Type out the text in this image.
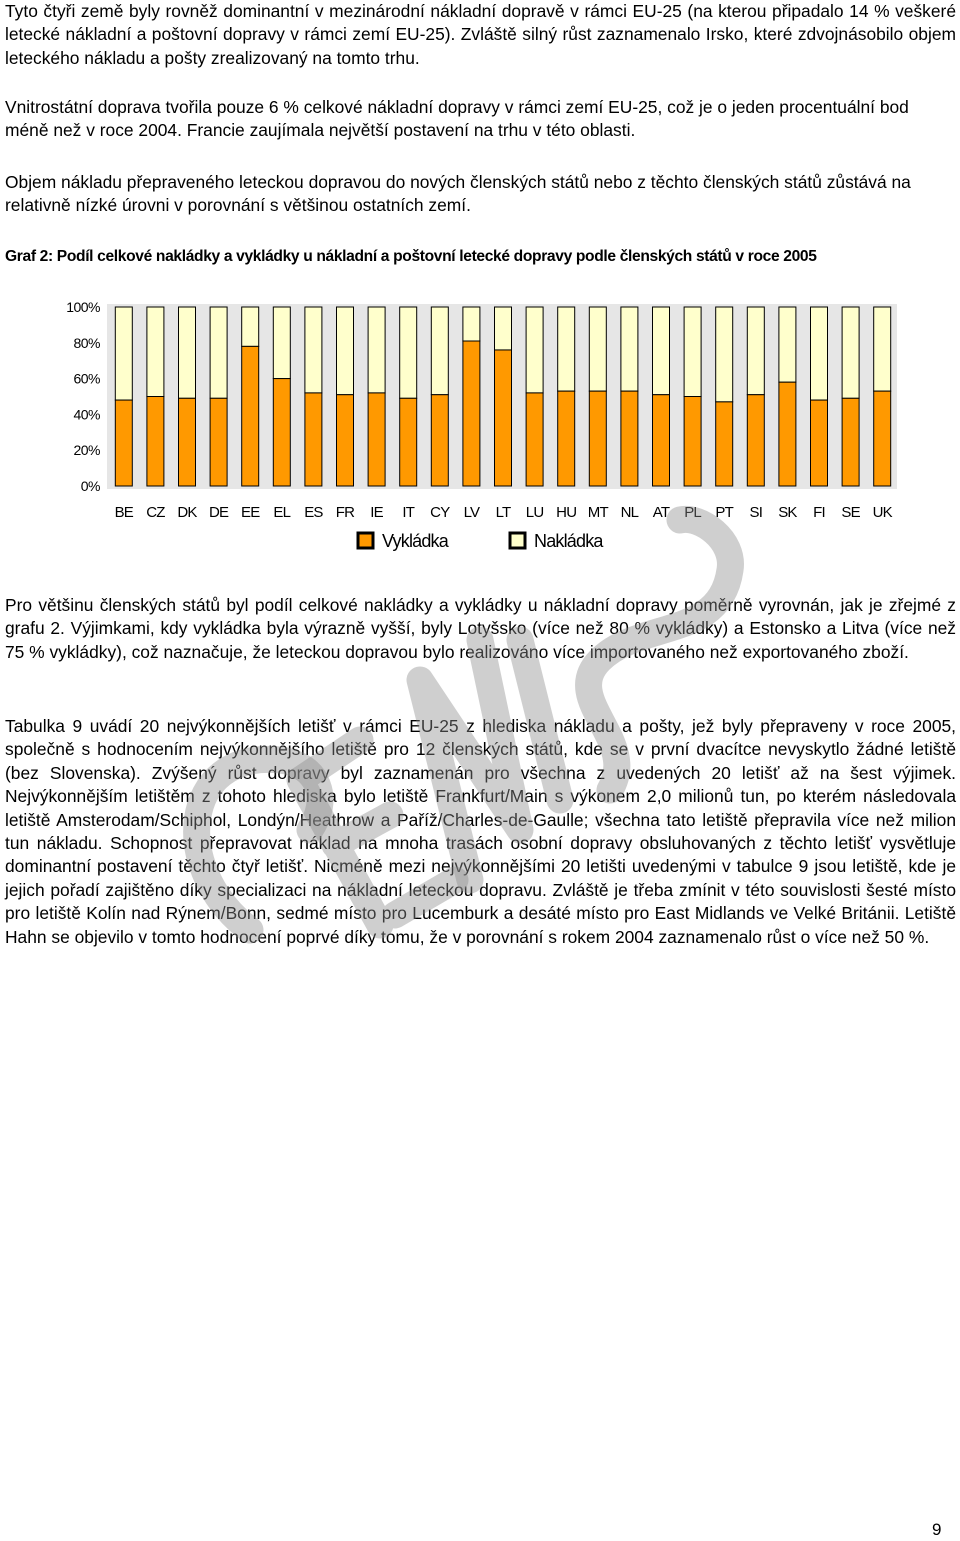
Tyto čtyři země byly rovněž dominantní v mezinárodní nákladní dopravě v rámci EU-25 (na kterou připadalo 14 % veškeré letecké nákladní a poštovní dopravy v rámci zemí EU-25). Zvláště silný růst zaznamenalo Irsko, které zdvojnásobilo objem leteckého nákladu a pošty zrealizovaný na tomto trhu.

Vnitrostátní doprava tvořila pouze 6 % celkové nákladní dopravy v rámci zemí EU-25, což je o jeden procentuální bod méně než v roce 2004. Francie zaujímala největší postavení na trhu v této oblasti.

Objem nákladu přepraveného leteckou dopravou do nových členských států nebo z těchto členských států zůstává na relativně nízké úrovni v porovnání s většinou ostatních zemí.

Graf 2: Podíl celkové nakládky a vykládky u nákladní a poštovní letecké dopravy podle členských států v roce 2005

0%
20%
40%
60%
80%
100%
BE CZ DK DE EE EL ES FR IE IT CY LV LT LU HU MT NL AT PL PT SI SK FI SE UK
Vykládka	Nakládka

Pro většinu členských států byl podíl celkové nakládky a vykládky u nákladní dopravy poměrně vyrovnán, jak je zřejmé z grafu 2. Výjimkami, kdy vykládka byla výrazně vyšší, byly Lotyšsko (více než 80 % vykládky) a Estonsko a Litva (více než 75 % vykládky), což naznačuje, že leteckou dopravou bylo realizováno více importovaného než exportovaného zboží.

Tabulka 9 uvádí 20 nejvýkonnějších letišť v rámci EU-25 z hlediska nákladu a pošty, jež byly přepraveny v roce 2005, společně s hodnocením nejvýkonnějšího letiště pro 12 členských států, kde se v první dvacítce nevyskytlo žádné letiště (bez Slovenska). Zvýšený růst dopravy byl zaznamenán pro všechna z uvedených 20 letišť až na šest výjimek. Nejvýkonnějším letištěm z tohoto hlediska bylo letiště Frankfurt/Main s výkonem 2,0 milionů tun, po kterém následovala letiště Amsterodam/Schiphol, Londýn/Heathrow a Paříž/Charles-de-Gaulle; všechna tato letiště přepravila více než milion tun nákladu. Schopnost přepravovat náklad na mnoha trasách osobní dopravy obsluhovaných z těchto letišť vysvětluje dominantní postavení těchto čtyř letišť. Nicméně mezi nejvýkonnějšími 20 letišti uvedenými v tabulce 9 jsou letiště, kde je jejich pořadí zajištěno díky specializaci na nákladní leteckou dopravu. Zvláště je třeba zmínit v této souvislosti šesté místo pro letiště Kolín nad Rýnem/Bonn, sedmé místo pro Lucemburk a desáté místo pro East Midlands ve Velké Británii. Letiště Hahn se objevilo v tomto hodnocení poprvé díky tomu, že v porovnání s rokem 2004 zaznamenalo růst o více než 50 %.

9
